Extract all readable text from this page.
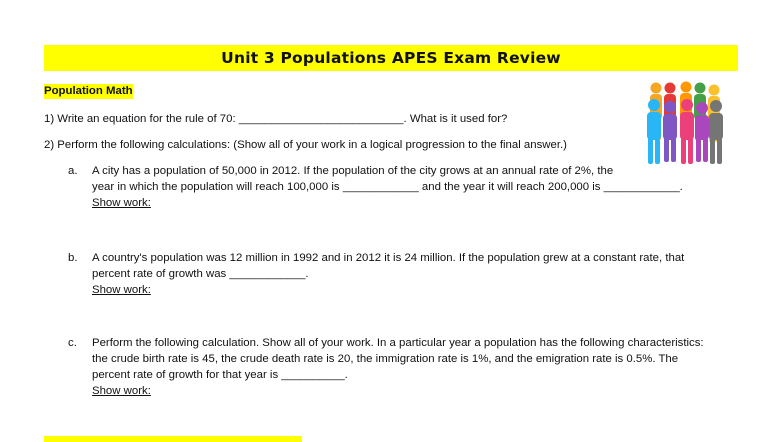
Unit 3 Populations APES Exam Review
Population Math
1) Write an equation for the rule of 70: __________________________. What is it used for?
2) Perform the following calculations: (Show all of your work in a logical progression to the final answer.)
a. A city has a population of 50,000 in 2012. If the population of the city grows at an annual rate of 2%, the
year in which the population will reach 100,000 is ____________ and the year it will reach 200,000 is ____________.
Show work:
b. A country's population was 12 million in 1992 and in 2012 it is 24 million. If the population grew at a constant rate, that
percent rate of growth was ____________.
Show work:
c. Perform the following calculation. Show all of your work. In a particular year a population has the following characteristics:
the crude birth rate is 45, the crude death rate is 20, the immigration rate is 1%, and the emigration rate is 0.5%. The
percent rate of growth for that year is __________.
Show work:
